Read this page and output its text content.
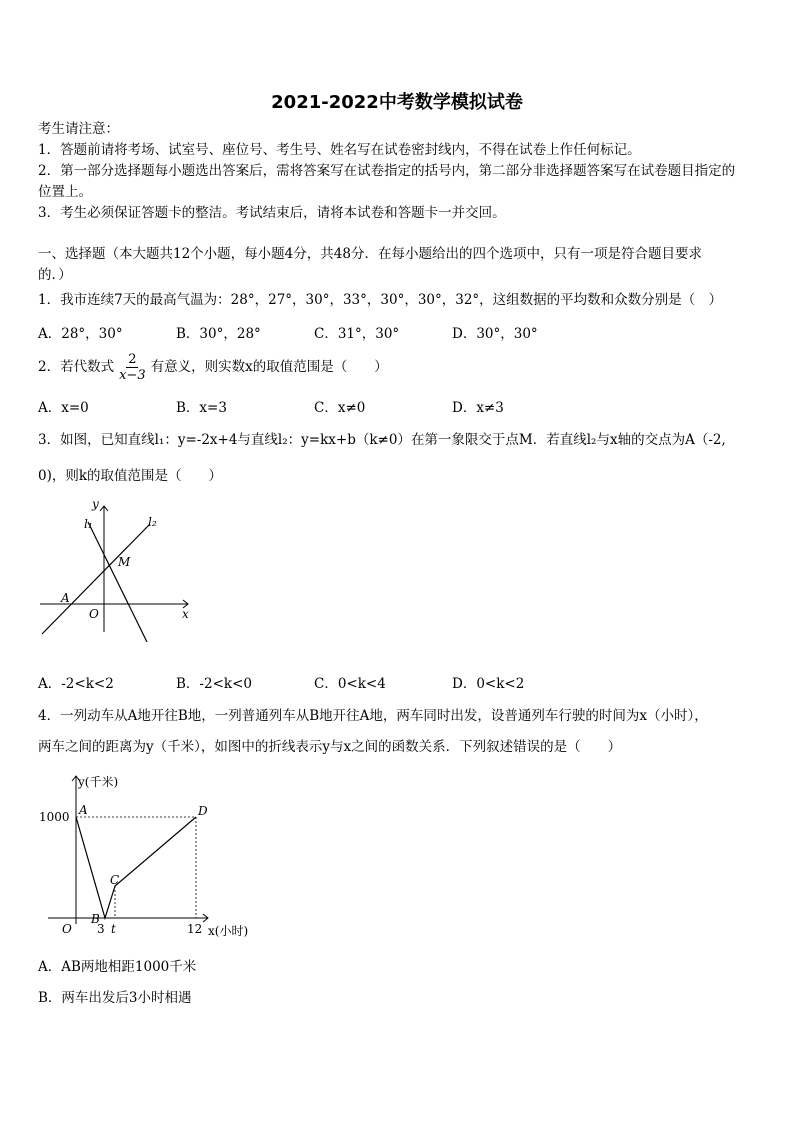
2021-2022中考数学模拟试卷
考生请注意：
1．答题前请将考场、试室号、座位号、考生号、姓名写在试卷密封线内，不得在试卷上作任何标记。
2．第一部分选择题每小题选出答案后，需将答案写在试卷指定的括号内，第二部分非选择题答案写在试卷题目指定的
位置上。
3．考生必须保证答题卡的整洁。考试结束后，请将本试卷和答题卡一并交回。
一、选择题（本大题共12个小题，每小题4分，共48分．在每小题给出的四个选项中，只有一项是符合题目要求
的．）
1．我市连续7天的最高气温为：28°，27°，30°，33°，30°，30°，32°，这组数据的平均数和众数分别是（　）
A．28°，30°	B．30°，28°	C．31°，30°	D．30°，30°
2．若代数式 $\frac{2}{x-3}$ 有意义，则实数x的取值范围是（　　）
A．x=0	B．x=3	C．x≠0	D．x≠3
3．如图，已知直线l₁：y=-2x+4与直线l₂：y=kx+b（k≠0）在第一象限交于点M．若直线l₂与x轴的交点为A（-2,
0)，则k的取值范围是（　　）
y
x
O
A
M
l₁	l₂
A．-2<k<2	B．-2<k<0	C．0<k<4	D．0<k<2
4．一列动车从A地开往B地，一列普通列车从B地开往A地，两车同时出发，设普通列车行驶的时间为x（小时），
两车之间的距离为y（千米），如图中的折线表示y与x之间的函数关系．下列叙述错误的是（　　）
y(千米)
x(小时)
O
1000
3 t	12
A
B
C
D
A．AB两地相距1000千米
B．两车出发后3小时相遇
